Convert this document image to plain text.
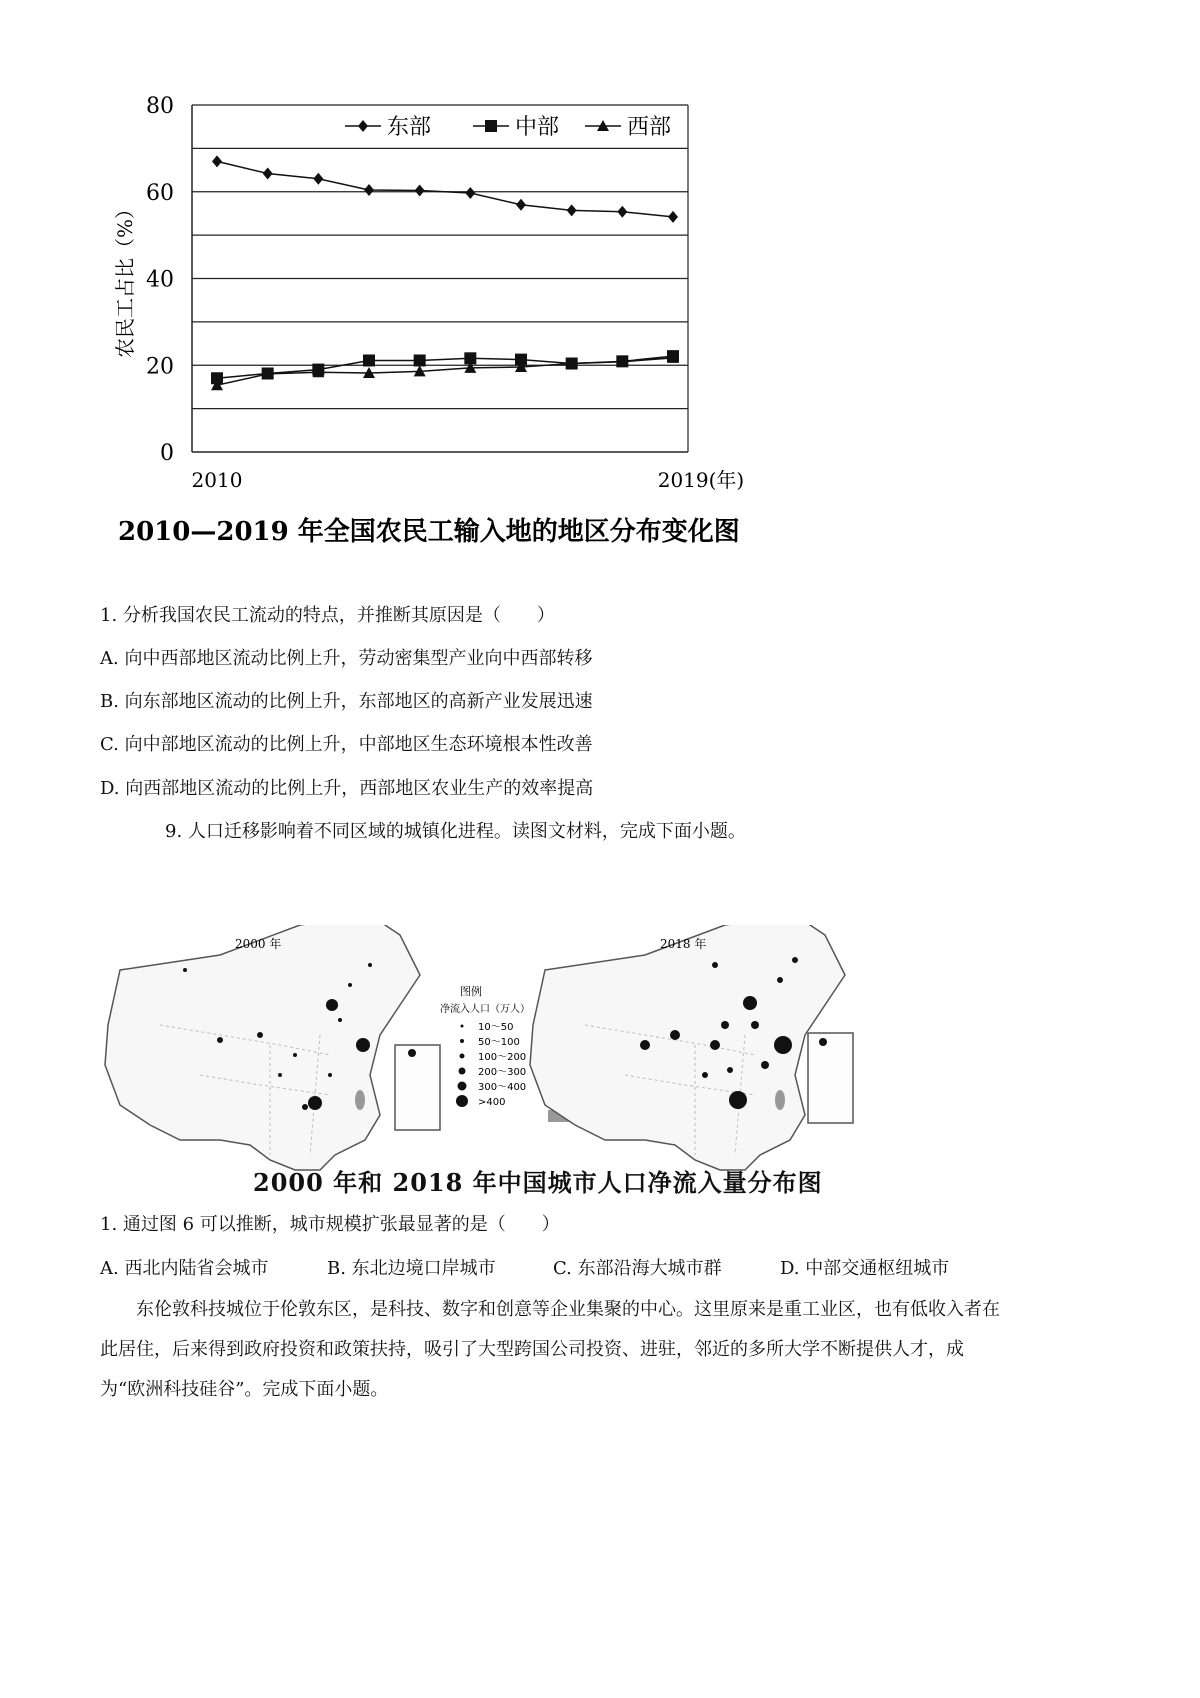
0
20
40
60
80
2010	2019(年)
农民工占比（%）
东部	中部	西部
2010—2019 年全国农民工输入地的地区分布变化图
1. 分析我国农民工流动的特点，并推断其原因是（　　）
A. 向中西部地区流动比例上升，劳动密集型产业向中西部转移
B. 向东部地区流动的比例上升，东部地区的高新产业发展迅速
C. 向中部地区流动的比例上升，中部地区生态环境根本性改善
D. 向西部地区流动的比例上升，西部地区农业生产的效率提高
9. 人口迁移影响着不同区域的城镇化进程。读图文材料，完成下面小题。
2000 年
图例
净流入人口（万人）
10～50
50～100
100～200
200～300
300～400
>400
2018 年
2000 年和 2018 年中国城市人口净流入量分布图
1. 通过图 6 可以推断，城市规模扩张最显著的是（　　）
A. 西北内陆省会城市	B. 东北边境口岸城市	C. 东部沿海大城市群	D. 中部交通枢纽城市
东伦敦科技城位于伦敦东区，是科技、数字和创意等企业集聚的中心。这里原来是重工业区，也有低收入者在此居住，后来得到政府投资和政策扶持，吸引了大型跨国公司投资、进驻，邻近的多所大学不断提供人才，成为“欧洲科技硅谷”。完成下面小题。
